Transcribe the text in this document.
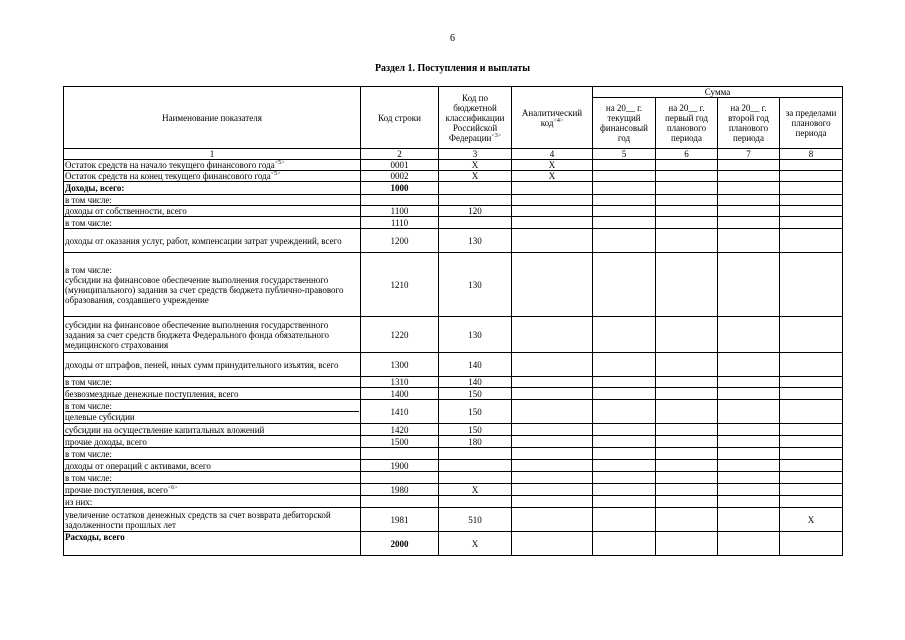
6
Раздел 1. Поступления и выплаты
Наименование показателя	Код строки	Код по бюджетной классификации Российской Федерации$^{<3>}$	Аналитический код$^{<4>}$	Сумма			
				на 20__ г. текущий финансовый год	на 20__ г. первый год планового периода	на 20__ г. второй год планового периода	за пределами планового периода
1	2	3	4	5	6	7	8

Остаток средств на начало текущего финансового года$^{<5>}$	0001	X	X				

Остаток средств на конец текущего финансового года$^{<5>}$	0002	X	X				

Доходы, всего:	1000						

в том числе:							

доходы от собственности, всего	1100	120					

в том числе:	1110						

доходы от оказания услуг, работ, компенсации затрат учреждений, всего	1200	130					

в том числе:
субсидии на финансовое обеспечение выполнения государственного (муниципального) задания за счет средств бюджета публично-правового образования, создавшего учреждение	1210	130					

субсидии на финансовое обеспечение выполнения государственного задания за счет средств бюджета Федерального фонда обязательного медицинского страхования	1220	130					

доходы от штрафов, пеней, иных сумм принудительного изъятия, всего	1300	140					

в том числе:	1310	140					

безвозмездные денежные поступления, всего	1400	150					

в том числе:
целевые субсидии	1410	150					

субсидии на осуществление капитальных вложений	1420	150					

прочие доходы, всего	1500	180					

в том числе:							

доходы от операций с активами, всего	1900						

в том числе:							

прочие поступления, всего$^{<6>}$	1980	X					

из них:							

увеличение остатков денежных средств за счет возврата дебиторской задолженности прошлых лет	1981	510					X

Расходы, всего	2000	X					
